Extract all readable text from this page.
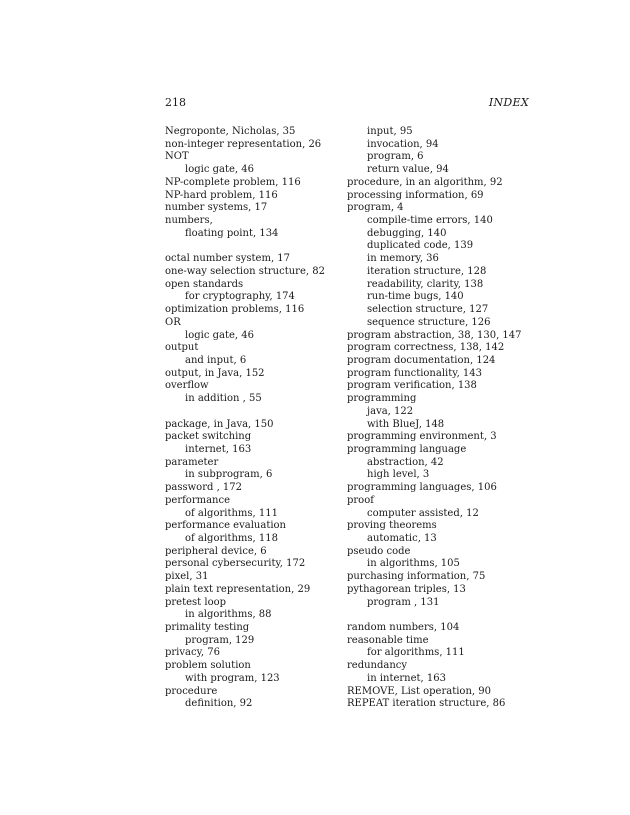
218	INDEX
Negroponte, Nicholas, 35
non-integer representation, 26
NOT
logic gate, 46
NP-complete problem, 116
NP-hard problem, 116
number systems, 17
numbers,
floating point, 134
octal number system, 17
one-way selection structure, 82
open standards
for cryptography, 174
optimization problems, 116
OR
logic gate, 46
output
and input, 6
output, in Java, 152
overflow
in addition , 55
package, in Java, 150
packet switching
internet, 163
parameter
in subprogram, 6
password , 172
performance
of algorithms, 111
performance evaluation
of algorithms, 118
peripheral device, 6
personal cybersecurity, 172
pixel, 31
plain text representation, 29
pretest loop
in algorithms, 88
primality testing
program, 129
privacy, 76
problem solution
with program, 123
procedure
definition, 92
input, 95
invocation, 94
program, 6
return value, 94
procedure, in an algorithm, 92
processing information, 69
program, 4
compile-time errors, 140
debugging, 140
duplicated code, 139
in memory, 36
iteration structure, 128
readability, clarity, 138
run-time bugs, 140
selection structure, 127
sequence structure, 126
program abstraction, 38, 130, 147
program correctness, 138, 142
program documentation, 124
program functionality, 143
program verification, 138
programming
java, 122
with BlueJ, 148
programming environment, 3
programming language
abstraction, 42
high level, 3
programming languages, 106
proof
computer assisted, 12
proving theorems
automatic, 13
pseudo code
in algorithms, 105
purchasing information, 75
pythagorean triples, 13
program , 131
random numbers, 104
reasonable time
for algorithms, 111
redundancy
in internet, 163
REMOVE, List operation, 90
REPEAT iteration structure, 86
